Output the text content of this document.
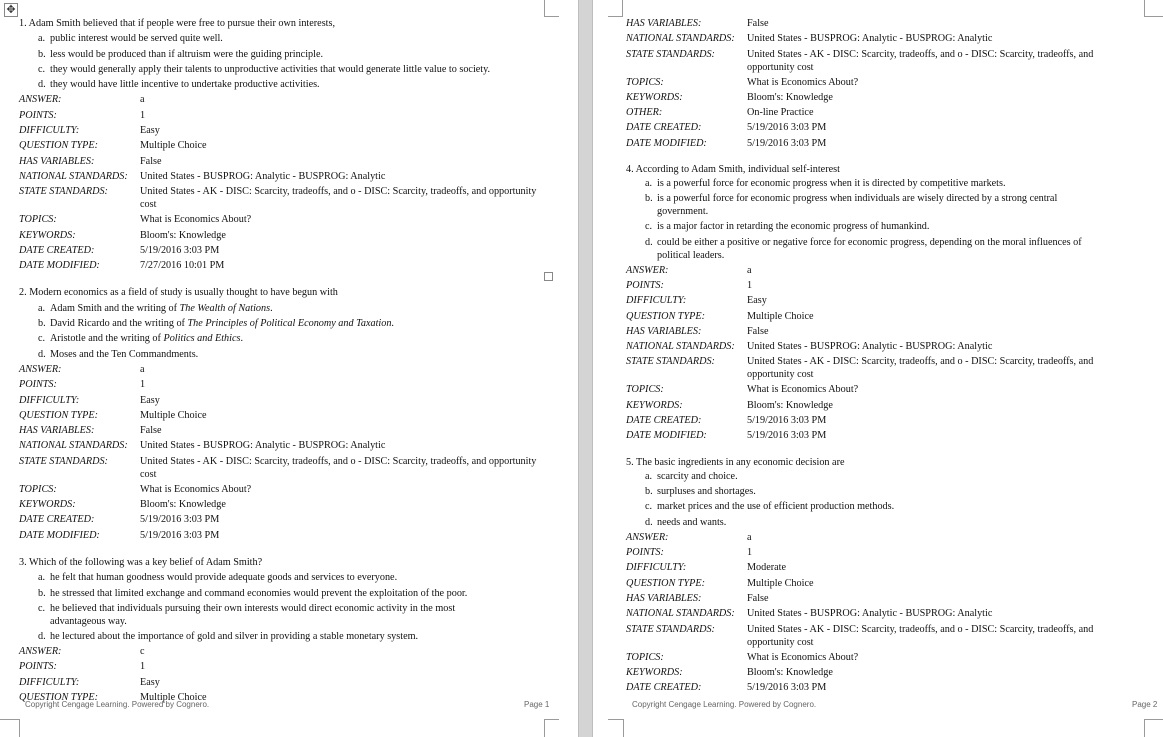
✥
1. Adam Smith believed that if people were free to pursue their own interests,
a. public interest would be served quite well.
b. less would be produced than if altruism were the guiding principle.
c. they would generally apply their talents to unproductive activities that would generate little value to society.
d. they would have little incentive to undertake productive activities.
ANSWER:	a
POINTS:	1
DIFFICULTY:	Easy
QUESTION TYPE:	Multiple Choice
HAS VARIABLES:	False
NATIONAL STANDARDS:	United States - BUSPROG: Analytic - BUSPROG: Analytic
STATE STANDARDS:	United States - AK - DISC: Scarcity, tradeoffs, and o - DISC: Scarcity, tradeoffs, and opportunity cost
TOPICS:	What is Economics About?
KEYWORDS:	Bloom's: Knowledge
DATE CREATED:	5/19/2016 3:03 PM
DATE MODIFIED:	7/27/2016 10:01 PM
2. Modern economics as a field of study is usually thought to have begun with
a. Adam Smith and the writing of The Wealth of Nations.
b. David Ricardo and the writing of The Principles of Political Economy and Taxation.
c. Aristotle and the writing of Politics and Ethics.
d. Moses and the Ten Commandments.
ANSWER:	a
POINTS:	1
DIFFICULTY:	Easy
QUESTION TYPE:	Multiple Choice
HAS VARIABLES:	False
NATIONAL STANDARDS:	United States - BUSPROG: Analytic - BUSPROG: Analytic
STATE STANDARDS:	United States - AK - DISC: Scarcity, tradeoffs, and o - DISC: Scarcity, tradeoffs, and opportunity cost
TOPICS:	What is Economics About?
KEYWORDS:	Bloom's: Knowledge
DATE CREATED:	5/19/2016 3:03 PM
DATE MODIFIED:	5/19/2016 3:03 PM
3. Which of the following was a key belief of Adam Smith?
a. he felt that human goodness would provide adequate goods and services to everyone.
b. he stressed that limited exchange and command economies would prevent the exploitation of the poor.
c. he believed that individuals pursuing their own interests would direct economic activity in the most advantageous way.
d. he lectured about the importance of gold and silver in providing a stable monetary system.
ANSWER:	c
POINTS:	1
DIFFICULTY:	Easy
QUESTION TYPE:	Multiple Choice
Copyright Cengage Learning. Powered by Cognero.	Page 1
HAS VARIABLES:	False
NATIONAL STANDARDS:	United States - BUSPROG: Analytic - BUSPROG: Analytic
STATE STANDARDS:	United States - AK - DISC: Scarcity, tradeoffs, and o - DISC: Scarcity, tradeoffs, and opportunity cost
TOPICS:	What is Economics About?
KEYWORDS:	Bloom's: Knowledge
OTHER:	On-line Practice
DATE CREATED:	5/19/2016 3:03 PM
DATE MODIFIED:	5/19/2016 3:03 PM
4. According to Adam Smith, individual self-interest
a. is a powerful force for economic progress when it is directed by competitive markets.
b. is a powerful force for economic progress when individuals are wisely directed by a strong central government.
c. is a major factor in retarding the economic progress of humankind.
d. could be either a positive or negative force for economic progress, depending on the moral influences of political leaders.
ANSWER:	a
POINTS:	1
DIFFICULTY:	Easy
QUESTION TYPE:	Multiple Choice
HAS VARIABLES:	False
NATIONAL STANDARDS:	United States - BUSPROG: Analytic - BUSPROG: Analytic
STATE STANDARDS:	United States - AK - DISC: Scarcity, tradeoffs, and o - DISC: Scarcity, tradeoffs, and opportunity cost
TOPICS:	What is Economics About?
KEYWORDS:	Bloom's: Knowledge
DATE CREATED:	5/19/2016 3:03 PM
DATE MODIFIED:	5/19/2016 3:03 PM
5. The basic ingredients in any economic decision are
a. scarcity and choice.
b. surpluses and shortages.
c. market prices and the use of efficient production methods.
d. needs and wants.
ANSWER:	a
POINTS:	1
DIFFICULTY:	Moderate
QUESTION TYPE:	Multiple Choice
HAS VARIABLES:	False
NATIONAL STANDARDS:	United States - BUSPROG: Analytic - BUSPROG: Analytic
STATE STANDARDS:	United States - AK - DISC: Scarcity, tradeoffs, and o - DISC: Scarcity, tradeoffs, and opportunity cost
TOPICS:	What is Economics About?
KEYWORDS:	Bloom's: Knowledge
DATE CREATED:	5/19/2016 3:03 PM
Copyright Cengage Learning. Powered by Cognero.	Page 2
